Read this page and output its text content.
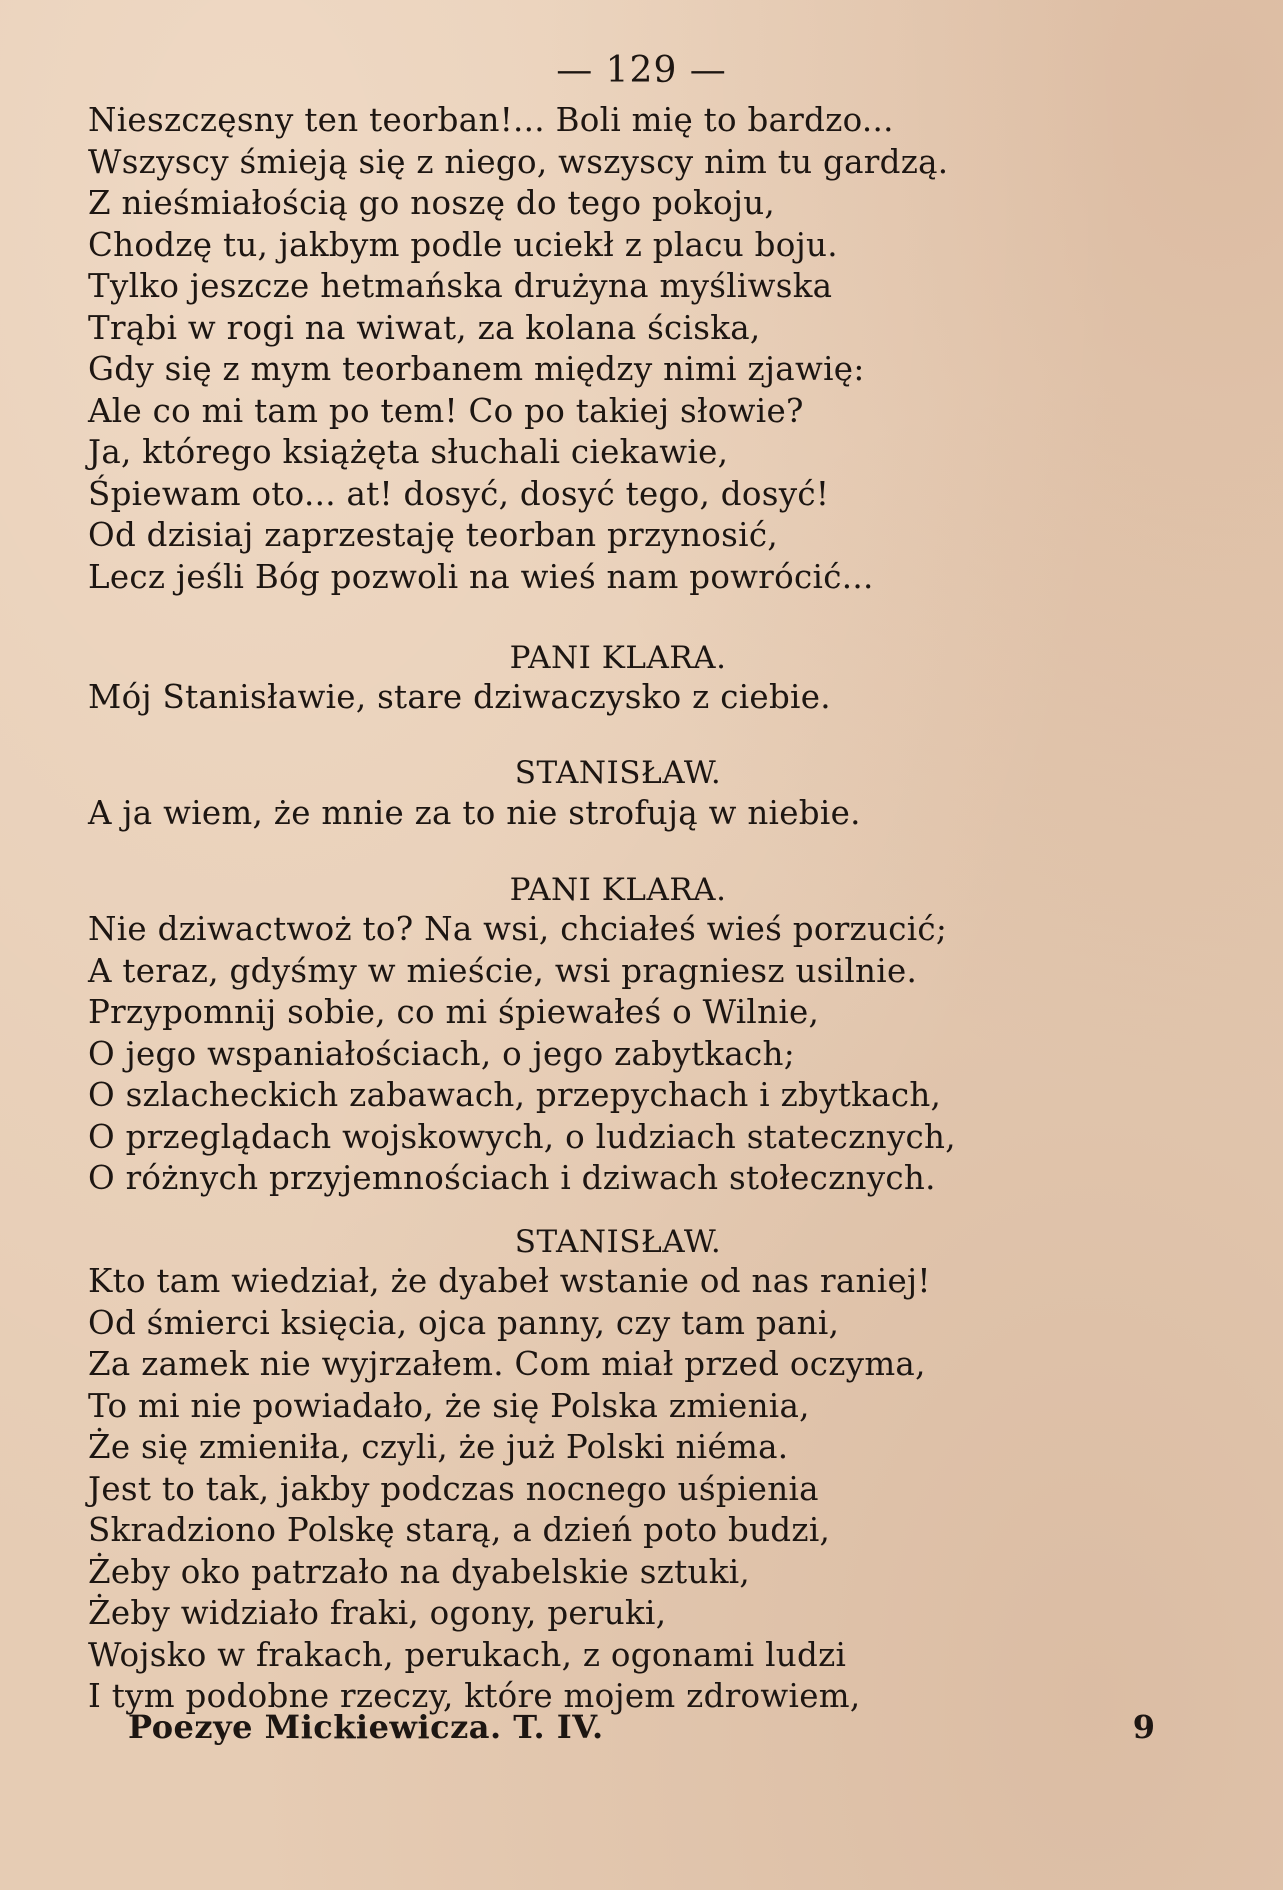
— 129 —
Nieszczęsny ten teorban!... Boli mię to bardzo...
Wszyscy śmieją się z niego, wszyscy nim tu gardzą.
Z nieśmiałością go noszę do tego pokoju,
Chodzę tu, jakbym podle uciekł z placu boju.
Tylko jeszcze hetmańska drużyna myśliwska
Trąbi w rogi na wiwat, za kolana ściska,
Gdy się z mym teorbanem między nimi zjawię:
Ale co mi tam po tem! Co po takiej słowie?
Ja, którego książęta słuchali ciekawie,
Śpiewam oto... at! dosyć, dosyć tego, dosyć!
Od dzisiaj zaprzestaję teorban przynosić,
Lecz jeśli Bóg pozwoli na wieś nam powrócić...
PANI KLARA.
Mój Stanisławie, stare dziwaczysko z ciebie.
STANISŁAW.
A ja wiem, że mnie za to nie strofują w niebie.
PANI KLARA.
Nie dziwactwoż to? Na wsi, chciałeś wieś porzucić;
A teraz, gdyśmy w mieście, wsi pragniesz usilnie.
Przypomnij sobie, co mi śpiewałeś o Wilnie,
O jego wspaniałościach, o jego zabytkach;
O szlacheckich zabawach, przepychach i zbytkach,
O przeglądach wojskowych, o ludziach statecznych,
O różnych przyjemnościach i dziwach stołecznych.
STANISŁAW.
Kto tam wiedział, że dyabeł wstanie od nas raniej!
Od śmierci księcia, ojca panny, czy tam pani,
Za zamek nie wyjrzałem. Com miał przed oczyma,
To mi nie powiadało, że się Polska zmienia,
Że się zmieniła, czyli, że już Polski niéma.
Jest to tak, jakby podczas nocnego uśpienia
Skradziono Polskę starą, a dzień poto budzi,
Żeby oko patrzało na dyabelskie sztuki,
Żeby widziało fraki, ogony, peruki,
Wojsko w frakach, perukach, z ogonami ludzi
I tym podobne rzeczy, które mojem zdrowiem,
Poezye Mickiewicza. T. IV.	9
